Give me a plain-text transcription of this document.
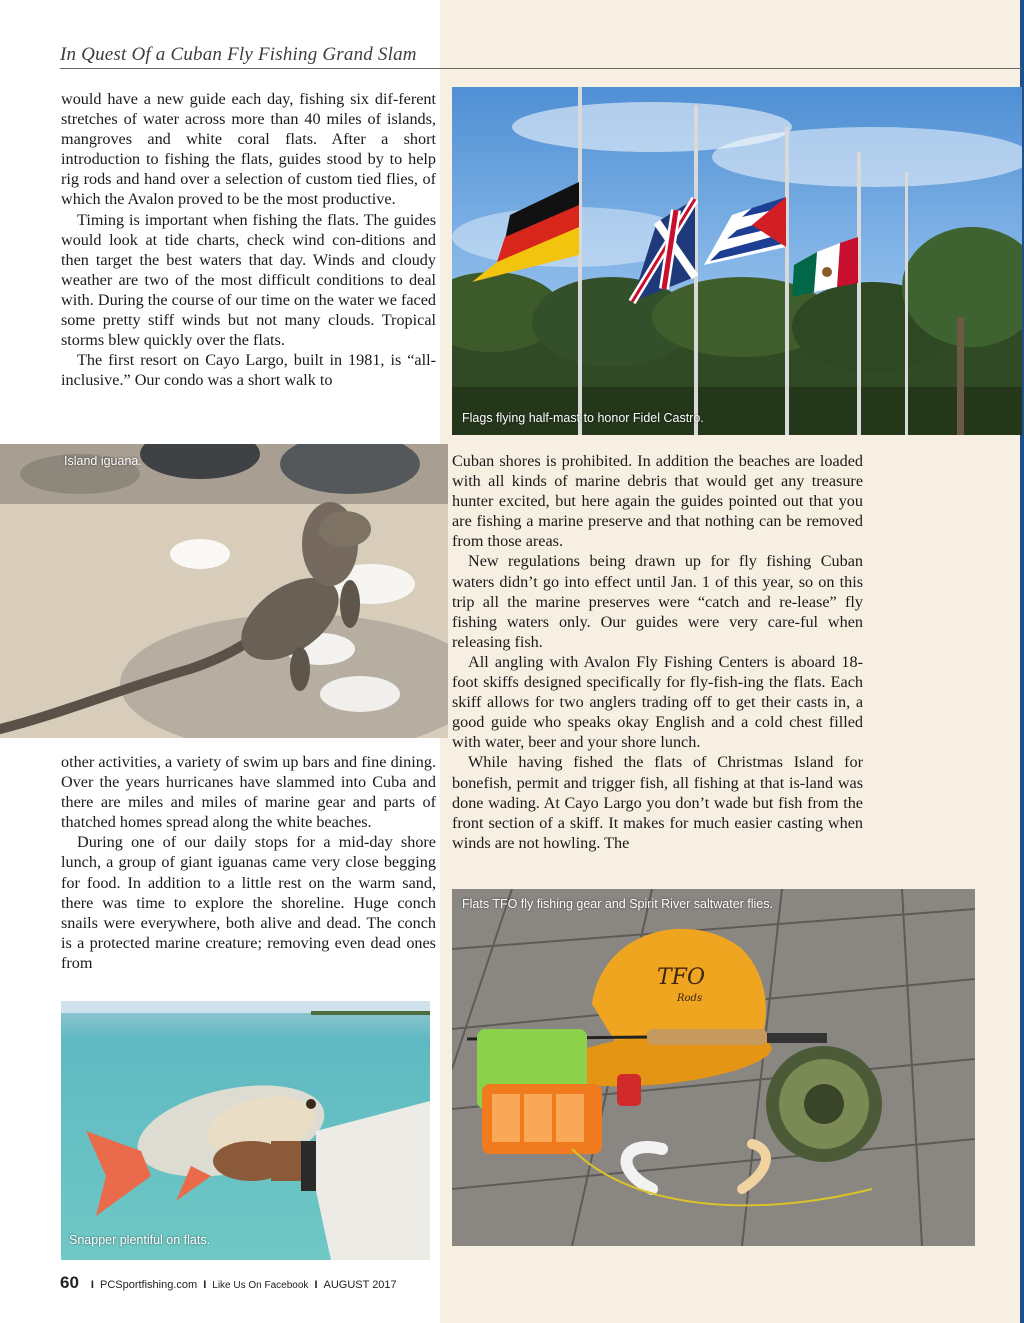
In Quest Of a Cuban Fly Fishing Grand Slam

would have a new guide each day, fishing six dif-ferent stretches of water across more than 40 miles of islands, mangroves and white coral flats. After a short introduction to fishing the flats, guides stood by to help rig rods and hand over a selection of custom tied flies, of which the Avalon proved to be the most productive.

Timing is important when fishing the flats. The guides would look at tide charts, check wind con-ditions and then target the best waters that day. Winds and cloudy weather are two of the most difficult conditions to deal with. During the course of our time on the water we faced some pretty stiff winds but not many clouds. Tropical storms blew quickly over the flats.

The first resort on Cayo Largo, built in 1981, is “all-inclusive.” Our condo was a short walk to

Flags flying half-mast to honor Fidel Castro.
Island iguana.

other activities, a variety of swim up bars and fine dining. Over the years hurricanes have slammed into Cuba and there are miles and miles of marine gear and parts of thatched homes spread along the white beaches.

During one of our daily stops for a mid-day shore lunch, a group of giant iguanas came very close begging for food. In addition to a little rest on the warm sand, there was time to explore the shoreline. Huge conch snails were everywhere, both alive and dead. The conch is a protected marine creature; removing even dead ones from

Cuban shores is prohibited. In addition the beaches are loaded with all kinds of marine debris that would get any treasure hunter excited, but here again the guides pointed out that you are fishing a marine preserve and that nothing can be removed from those areas.

New regulations being drawn up for fly fishing Cuban waters didn’t go into effect until Jan. 1 of this year, so on this trip all the marine preserves were “catch and re-lease” fly fishing waters only. Our guides were very care-ful when releasing fish.

All angling with Avalon Fly Fishing Centers is aboard 18-foot skiffs designed specifically for fly-fish-ing the flats. Each skiff allows for two anglers trading off to get their casts in, a good guide who speaks okay English and a cold chest filled with water, beer and your shore lunch.

While having fished the flats of Christmas Island for bonefish, permit and trigger fish, all fishing at that is-land was done wading. At Cayo Largo you don’t wade but fish from the front section of a skiff. It makes for much easier casting when winds are not howling. The

TFO
Rods
Flats TFO fly fishing gear and Spirit River saltwater flies.
Snapper plentiful on flats.
60 I PCSportfishing.com I Like Us On Facebook I AUGUST 2017
